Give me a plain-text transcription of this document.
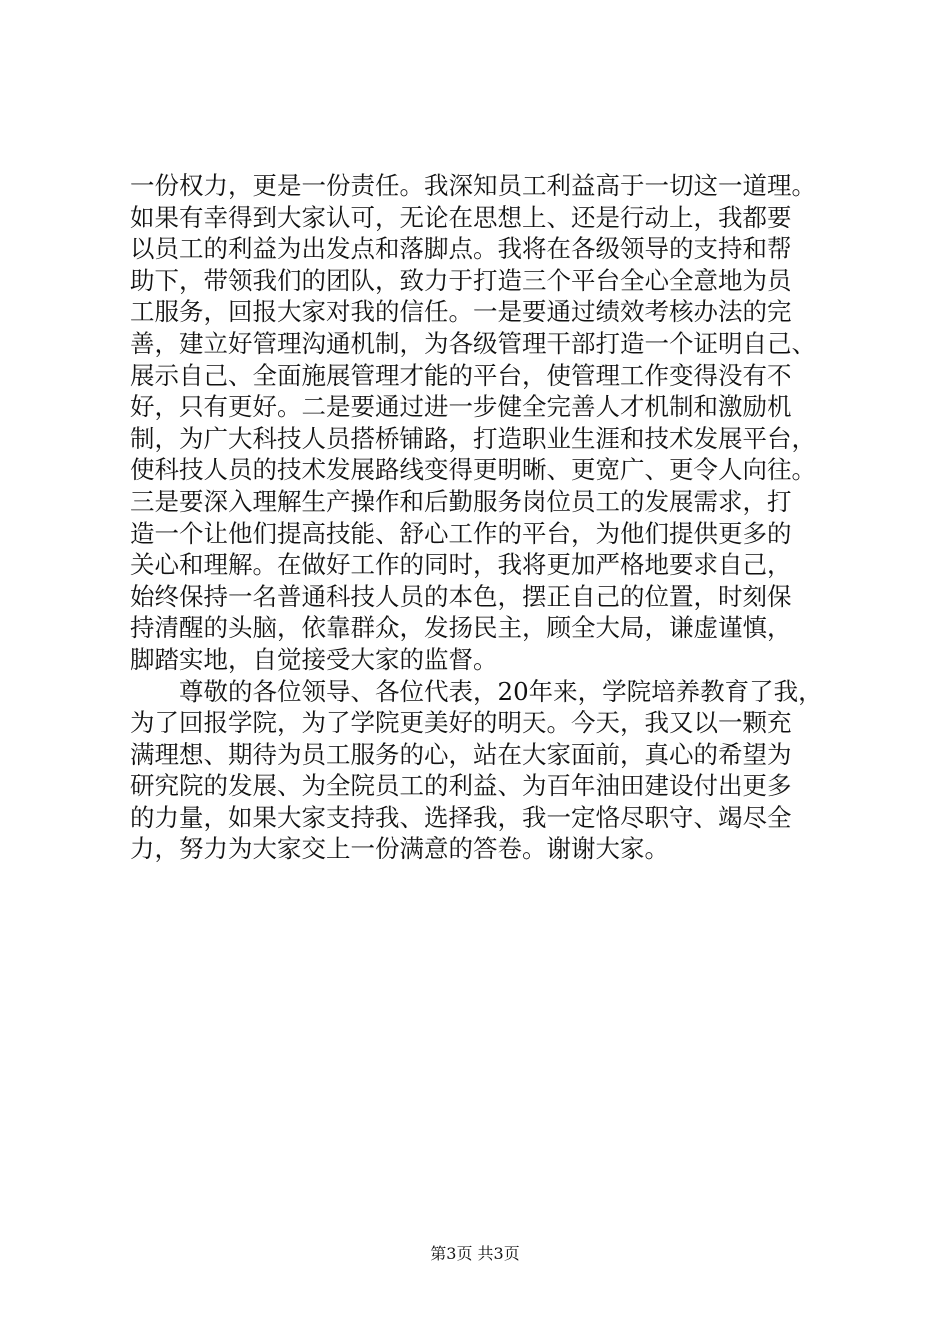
一份权力，更是一份责任。我深知员工利益高于一切这一道理。
如果有幸得到大家认可，无论在思想上、还是行动上，我都要
以员工的利益为出发点和落脚点。我将在各级领导的支持和帮
助下，带领我们的团队，致力于打造三个平台全心全意地为员
工服务，回报大家对我的信任。一是要通过绩效考核办法的完
善，建立好管理沟通机制，为各级管理干部打造一个证明自己、
展示自己、全面施展管理才能的平台，使管理工作变得没有不
好，只有更好。二是要通过进一步健全完善人才机制和激励机
制，为广大科技人员搭桥铺路，打造职业生涯和技术发展平台，
使科技人员的技术发展路线变得更明晰、更宽广、更令人向往。
三是要深入理解生产操作和后勤服务岗位员工的发展需求，打
造一个让他们提高技能、舒心工作的平台，为他们提供更多的
关心和理解。在做好工作的同时，我将更加严格地要求自己，
始终保持一名普通科技人员的本色，摆正自己的位置，时刻保
持清醒的头脑，依靠群众，发扬民主，顾全大局，谦虚谨慎，
脚踏实地，自觉接受大家的监督。
尊敬的各位领导、各位代表，20年来，学院培养教育了我，
为了回报学院，为了学院更美好的明天。今天，我又以一颗充
满理想、期待为员工服务的心，站在大家面前，真心的希望为
研究院的发展、为全院员工的利益、为百年油田建设付出更多
的力量，如果大家支持我、选择我，我一定恪尽职守、竭尽全
力，努力为大家交上一份满意的答卷。谢谢大家。
第3页 共3页
